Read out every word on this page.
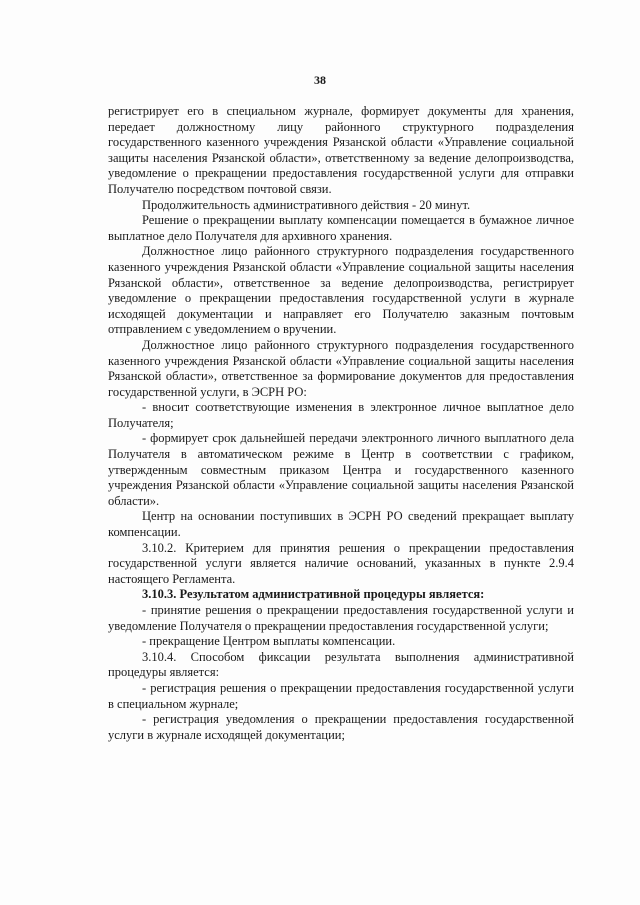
38

регистрирует его в специальном журнале, формирует документы для хранения, передает должностному лицу районного структурного подразделения государственного казенного учреждения Рязанской области «Управление социальной защиты населения Рязанской области», ответственному за ведение делопроизводства, уведомление о прекращении предоставления государственной услуги для отправки Получателю посредством почтовой связи.

Продолжительность административного действия - 20 минут.

Решение о прекращении выплату компенсации помещается в бумажное личное выплатное дело Получателя для архивного хранения.

Должностное лицо районного структурного подразделения государственного казенного учреждения Рязанской области «Управление социальной защиты населения Рязанской области», ответственное за ведение делопроизводства, регистрирует уведомление о прекращении предоставления государственной услуги в журнале исходящей документации и направляет его Получателю заказным почтовым отправлением с уведомлением о вручении.

Должностное лицо районного структурного подразделения государственного казенного учреждения Рязанской области «Управление социальной защиты населения Рязанской области», ответственное за формирование документов для предоставления государственной услуги, в ЭСРН РО:

- вносит соответствующие изменения в электронное личное выплатное дело Получателя;

- формирует срок дальнейшей передачи электронного личного выплатного дела Получателя в автоматическом режиме в Центр в соответствии с графиком, утвержденным совместным приказом Центра и государственного казенного учреждения Рязанской области «Управление социальной защиты населения Рязанской области».

Центр на основании поступивших в ЭСРН РО сведений прекращает выплату компенсации.

3.10.2. Критерием для принятия решения о прекращении предоставления государственной услуги является наличие оснований, указанных в пункте 2.9.4 настоящего Регламента.

3.10.3. Результатом административной процедуры является:

- принятие решения о прекращении предоставления государственной услуги и уведомление Получателя о прекращении предоставления государственной услуги;

- прекращение Центром выплаты компенсации.

3.10.4. Способом фиксации результата выполнения административной процедуры является:

- регистрация решения о прекращении предоставления государственной услуги в специальном журнале;

- регистрация уведомления о прекращении предоставления государственной услуги в журнале исходящей документации;
